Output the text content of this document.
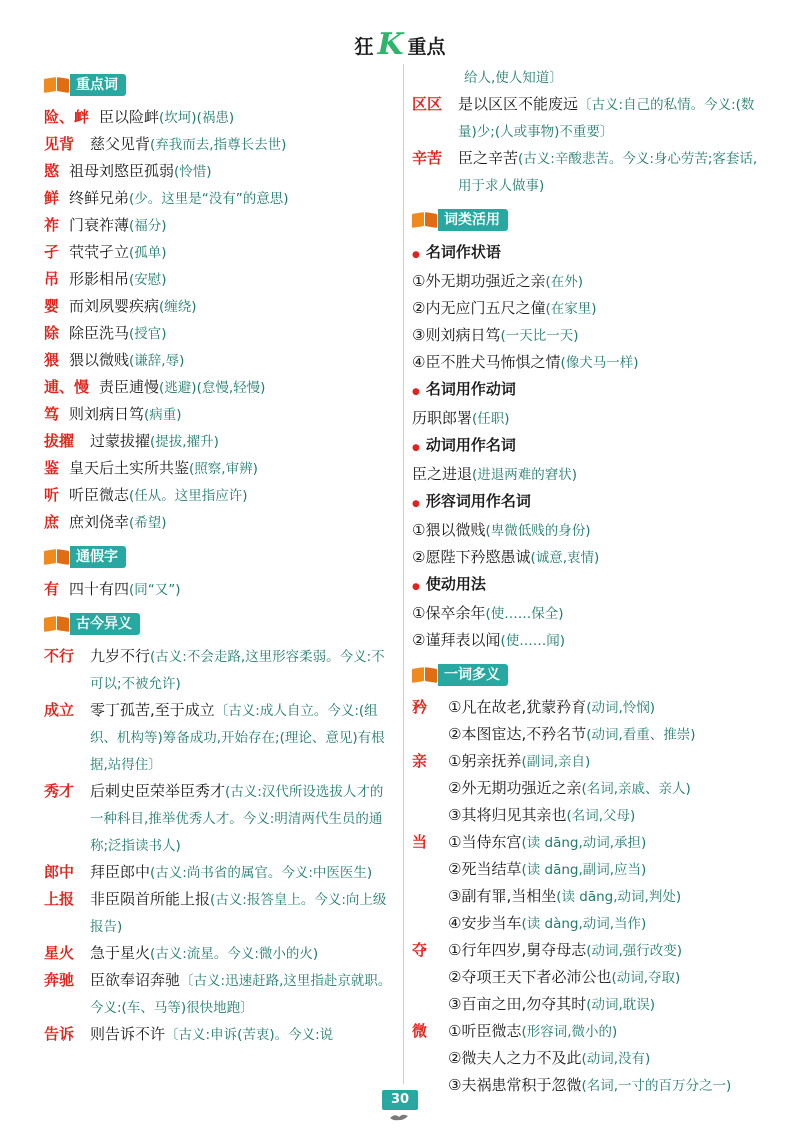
狂 K 重点
重点词
险、衅 臣以险衅(坎坷)(祸患)
见背	慈父见背(弃我而去,指尊长去世)
愍 祖母刘愍臣孤弱(怜惜)
鲜 终鲜兄弟(少。这里是“没有”的意思)
祚 门衰祚薄(福分)
孑 茕茕孑立(孤单)
吊 形影相吊(安慰)
婴 而刘夙婴疾病(缠绕)
除 除臣洗马(授官)
猥 猥以微贱(谦辞,辱)
逋、慢 责臣逋慢(逃避)(怠慢,轻慢)
笃 则刘病日笃(病重)
拔擢	过蒙拔擢(提拔,擢升)
鉴 皇天后土实所共鉴(照察,审辨)
听 听臣微志(任从。这里指应许)
庶 庶刘侥幸(希望)
通假字
有 四十有四(同“又”)
古今异义
不行	九岁不行(古义:不会走路,这里形容柔弱。今义:不可以;不被允许)
成立	零丁孤苦,至于成立〔古义:成人自立。今义:(组织、机构等)筹备成功,开始存在;(理论、意见)有根据,站得住〕
秀才	后刺史臣荣举臣秀才(古义:汉代所设选拔人才的一种科目,推举优秀人才。今义:明清两代生员的通称;泛指读书人)
郎中	拜臣郎中(古义:尚书省的属官。今义:中医医生)
上报	非臣陨首所能上报(古义:报答皇上。今义:向上级报告)
星火	急于星火(古义:流星。今义:微小的火)
奔驰	臣欲奉诏奔驰〔古义:迅速赶路,这里指赴京就职。今义:(车、马等)很快地跑〕
告诉	则告诉不许〔古义:申诉(苦衷)。今义:说
给人,使人知道〕
区区	是以区区不能废远〔古义:自己的私情。今义:(数量)少;(人或事物)不重要〕
辛苦	臣之辛苦(古义:辛酸悲苦。今义:身心劳苦;客套话,用于求人做事)
词类活用
● 名词作状语
①外无期功强近之亲(在外)
②内无应门五尺之僮(在家里)
③则刘病日笃(一天比一天)
④臣不胜犬马怖惧之情(像犬马一样)
● 名词用作动词
历职郎署(任职)
● 动词用作名词
臣之进退(进退两难的窘状)
● 形容词用作名词
①猥以微贱(卑微低贱的身份)
②愿陛下矜愍愚诚(诚意,衷情)
● 使动用法
①保卒余年(使……保全)
②谨拜表以闻(使……闻)
一词多义
矜	①凡在故老,犹蒙矜育(动词,怜悯)
②本图宦达,不矜名节(动词,看重、推崇)
亲	①躬亲抚养(副词,亲自)
②外无期功强近之亲(名词,亲戚、亲人)
③其将归见其亲也(名词,父母)
当	①当侍东宫(读 dāng,动词,承担)
②死当结草(读 dāng,副词,应当)
③副有罪,当相坐(读 dāng,动词,判处)
④安步当车(读 dàng,动词,当作)
夺	①行年四岁,舅夺母志(动词,强行改变)
②夺项王天下者必沛公也(动词,夺取)
③百亩之田,勿夺其时(动词,耽误)
微	①听臣微志(形容词,微小的)
②微夫人之力不及此(动词,没有)
③夫祸患常积于忽微(名词,一寸的百万分之一)
30
